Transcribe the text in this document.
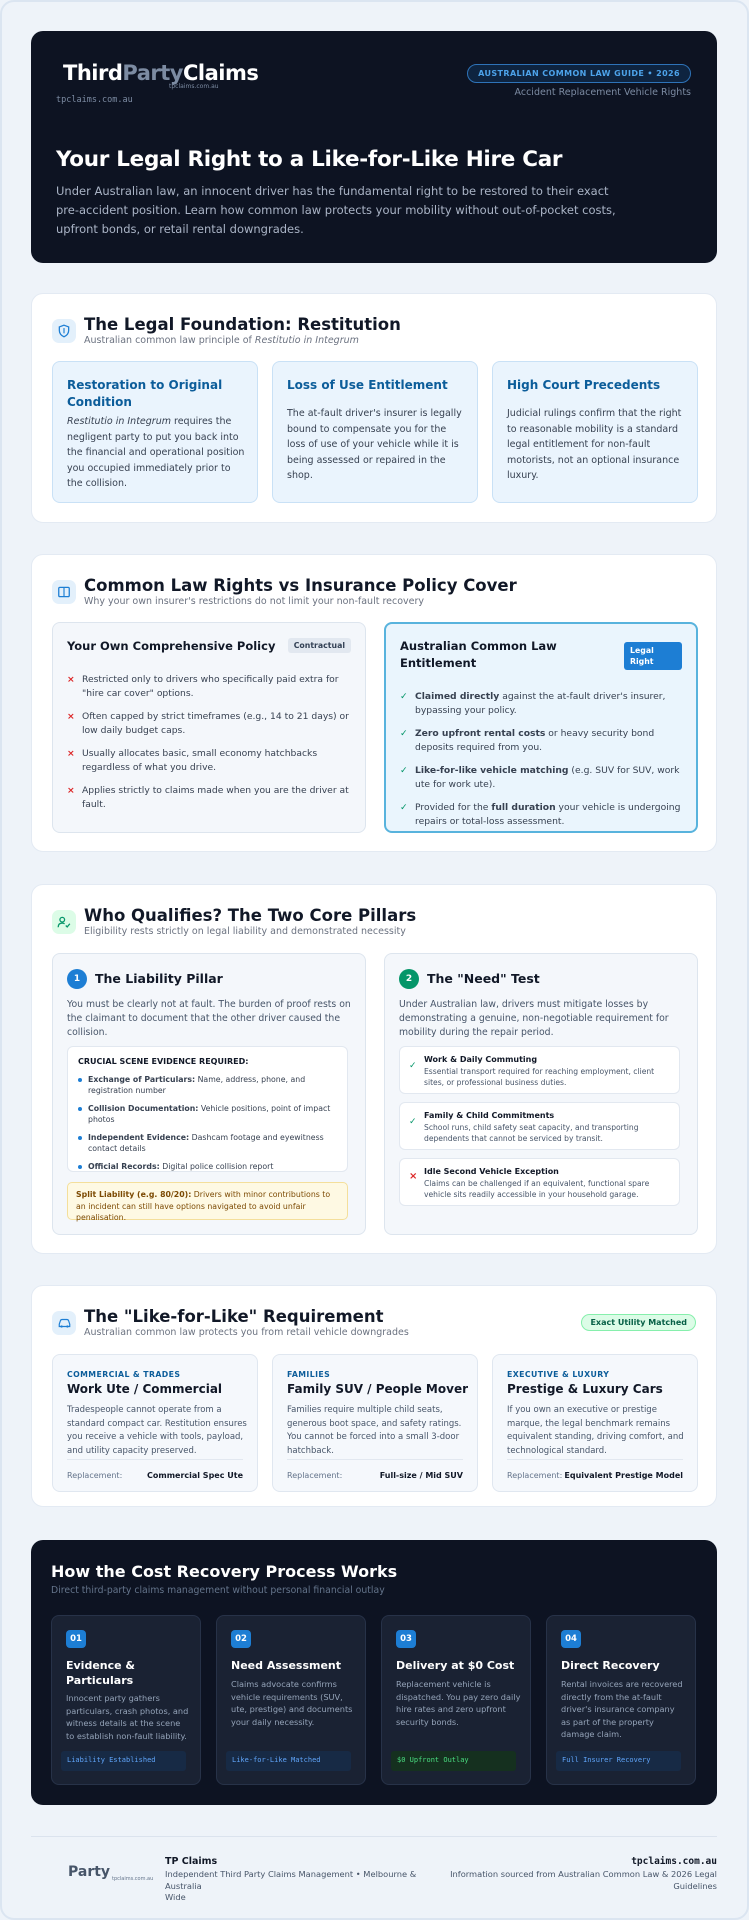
ThirdPartyClaims
tpclaims.com.au
tpclaims.com.au
AUSTRALIAN COMMON LAW GUIDE • 2026
Accident Replacement Vehicle Rights
Your Legal Right to a Like-for-Like Hire Car

Under Australian law, an innocent driver has the fundamental right to be restored to their exact
pre-accident position. Learn how common law protects your mobility without out-of-pocket costs,
upfront bonds, or retail rental downgrades.

The Legal Foundation: Restitution
Australian common law principle of Restitutio in Integrum
Restoration to Original Condition

Restitutio in Integrum requires the negligent party to put you back into the financial and operational position you occupied immediately prior to the collision.

Loss of Use Entitlement

The at-fault driver's insurer is legally bound to compensate you for the loss of use of your vehicle while it is being assessed or repaired in the shop.

High Court Precedents

Judicial rulings confirm that the right to reasonable mobility is a standard legal entitlement for non-fault motorists, not an optional insurance luxury.

Common Law Rights vs Insurance Policy Cover
Why your own insurer's restrictions do not limit your non-fault recovery
Your Own Comprehensive Policy	Contractual
× Restricted only to drivers who specifically paid extra for "hire car cover" options.
× Often capped by strict timeframes (e.g., 14 to 21 days) or low daily budget caps.
× Usually allocates basic, small economy hatchbacks regardless of what you drive.
× Applies strictly to claims made when you are the driver at fault.
Australian Common Law Entitlement
Legal Right
✓ Claimed directly against the at-fault driver's insurer, bypassing your policy.
✓ Zero upfront rental costs or heavy security bond deposits required from you.
✓ Like-for-like vehicle matching (e.g. SUV for SUV, work ute for work ute).
✓ Provided for the full duration your vehicle is undergoing repairs or total-loss assessment.
Who Qualifies? The Two Core Pillars
Eligibility rests strictly on legal liability and demonstrated necessity
1	The Liability Pillar
You must be clearly not at fault. The burden of proof rests on the claimant to document that the other driver caused the collision.
CRUCIAL SCENE EVIDENCE REQUIRED:
Exchange of Particulars: Name, address, phone, and registration number
Collision Documentation: Vehicle positions, point of impact photos
Independent Evidence: Dashcam footage and eyewitness contact details
Official Records: Digital police collision report
Split Liability (e.g. 80/20): Drivers with minor contributions to an incident can still have options navigated to avoid unfair penalisation.
2	The "Need" Test
Under Australian law, drivers must mitigate losses by demonstrating a genuine, non-negotiable requirement for mobility during the repair period.
✓
Work & Daily Commuting
Essential transport required for reaching employment, client sites, or professional business duties.
✓
Family & Child Commitments
School runs, child safety seat capacity, and transporting dependents that cannot be serviced by transit.
× Idle Second Vehicle Exception
Claims can be challenged if an equivalent, functional spare vehicle sits readily accessible in your household garage.
The "Like-for-Like" Requirement
Australian common law protects you from retail vehicle downgrades
Exact Utility Matched
COMMERCIAL & TRADES
Work Ute / Commercial

Tradespeople cannot operate from a standard compact car. Restitution ensures you receive a vehicle with tools, payload, and utility capacity preserved.

Replacement:	Commercial Spec Ute
FAMILIES
Family SUV / People Mover

Families require multiple child seats, generous boot space, and safety ratings. You cannot be forced into a small 3-door hatchback.

Replacement:	Full-size / Mid SUV
EXECUTIVE & LUXURY
Prestige & Luxury Cars

If you own an executive or prestige marque, the legal benchmark remains equivalent standing, driving comfort, and technological standard.

Replacement: Equivalent Prestige Model
How the Cost Recovery Process Works
Direct third-party claims management without personal financial outlay
01
Evidence & Particulars

Innocent party gathers particulars, crash photos, and witness details at the scene to establish non-fault liability.

Liability Established
02
Need Assessment

Claims advocate confirms vehicle requirements (SUV, ute, prestige) and documents your daily necessity.

Like-for-Like Matched
03
Delivery at $0 Cost

Replacement vehicle is dispatched. You pay zero daily hire rates and zero upfront security bonds.

$0 Upfront Outlay
04
Direct Recovery

Rental invoices are recovered directly from the at-fault driver's insurance company as part of the property damage claim.

Full Insurer Recovery
Party tpclaims.com.au
TP Claims
Independent Third Party Claims Management • Melbourne & Australia
Wide
tpclaims.com.au
Information sourced from Australian Common Law & 2026 Legal
Guidelines
